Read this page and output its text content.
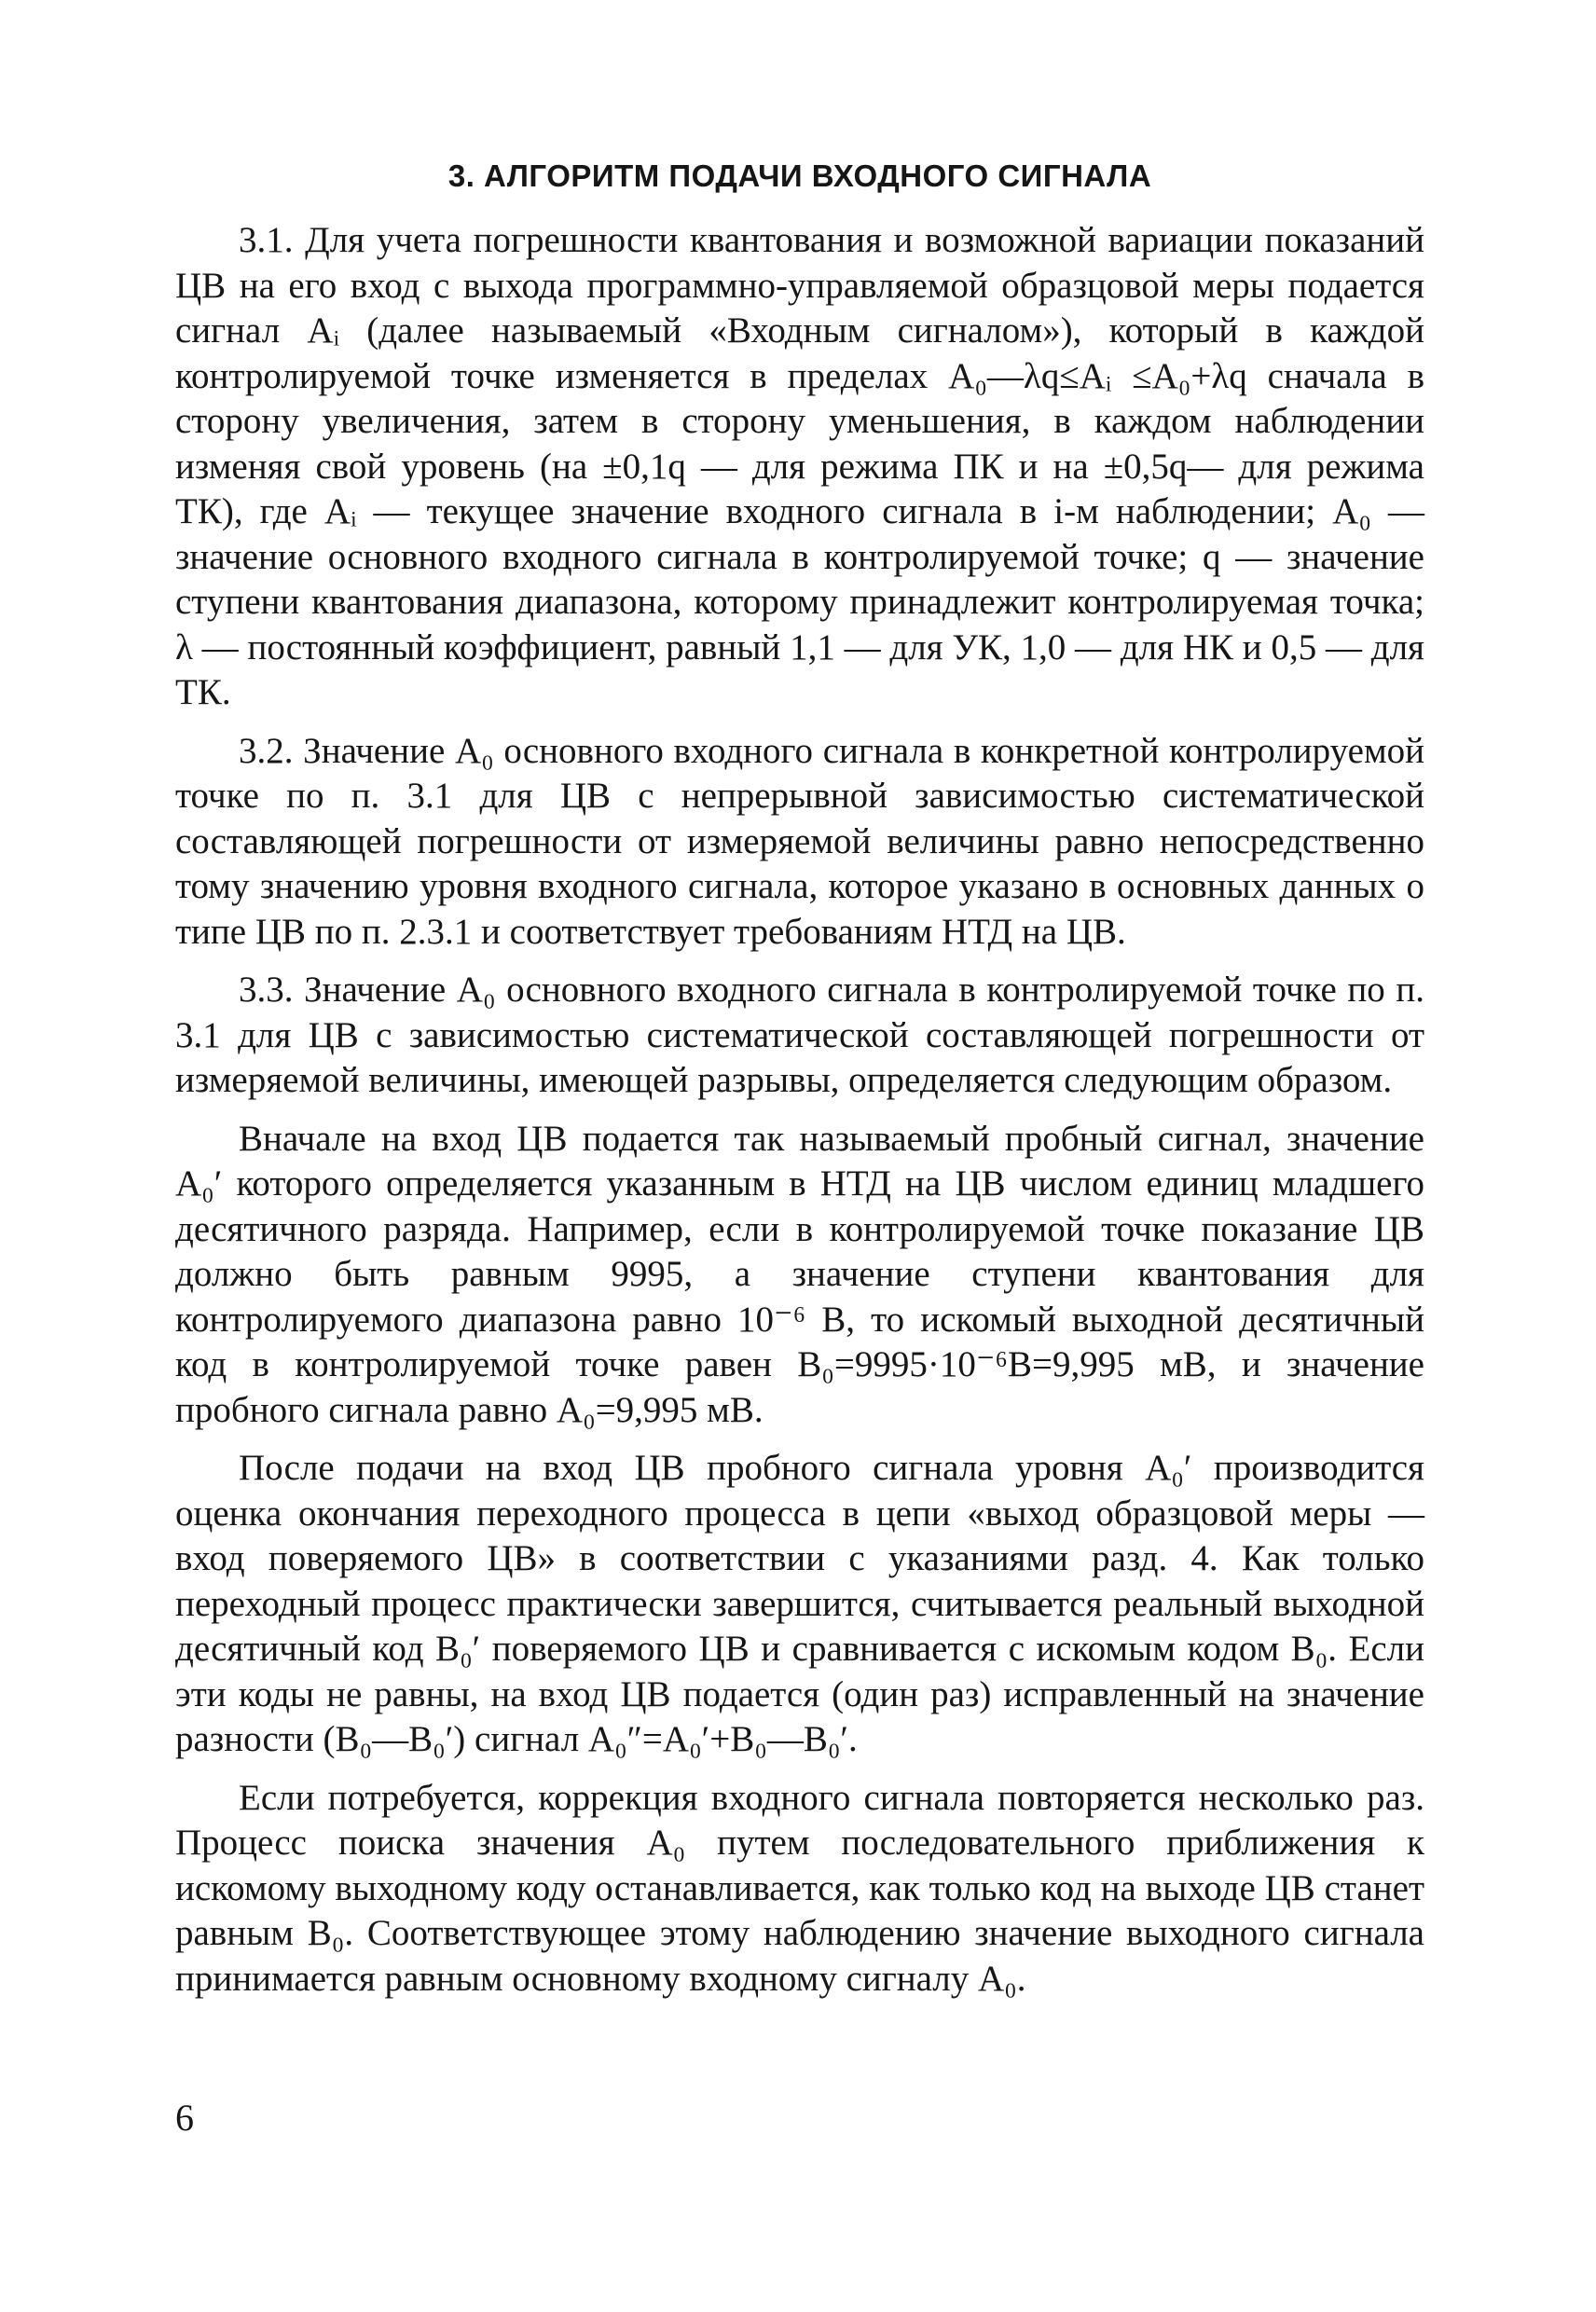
3. АЛГОРИТМ ПОДАЧИ ВХОДНОГО СИГНАЛА

3.1. Для учета погрешности квантования и возможной вариации показаний ЦВ на его вход с выхода программно-управляемой образцовой меры подается сигнал Aᵢ (далее называемый «Входным сигналом»), который в каждой контролируемой точке изменяется в пределах A₀—λq≤Aᵢ ≤A₀+λq сначала в сторону увеличения, затем в сторону уменьшения, в каждом наблюдении изменяя свой уровень (на ±0,1q — для режима ПК и на ±0,5q— для режима ТК), где Aᵢ — текущее значение входного сигнала в i-м наблюдении; A₀ — значение основного входного сигнала в контролируемой точке; q — значение ступени квантования диапазона, которому принадлежит контролируемая точка; λ — постоянный коэффициент, равный 1,1 — для УК, 1,0 — для НК и 0,5 — для ТК.

3.2. Значение A₀ основного входного сигнала в конкретной контролируемой точке по п. 3.1 для ЦВ с непрерывной зависимостью систематической составляющей погрешности от измеряемой величины равно непосредственно тому значению уровня входного сигнала, которое указано в основных данных о типе ЦВ по п. 2.3.1 и соответствует требованиям НТД на ЦВ.

3.3. Значение A₀ основного входного сигнала в контролируемой точке по п. 3.1 для ЦВ с зависимостью систематической составляющей погрешности от измеряемой величины, имеющей разрывы, определяется следующим образом.

Вначале на вход ЦВ подается так называемый пробный сигнал, значение A₀′ которого определяется указанным в НТД на ЦВ числом единиц младшего десятичного разряда. Например, если в контролируемой точке показание ЦВ должно быть равным 9995, а значение ступени квантования для контролируемого диапазона равно 10⁻⁶ В, то искомый выходной десятичный код в контролируемой точке равен B₀=9995·10⁻⁶В=9,995 мВ, и значение пробного сигнала равно A₀=9,995 мВ.

После подачи на вход ЦВ пробного сигнала уровня A₀′ производится оценка окончания переходного процесса в цепи «выход образцовой меры — вход поверяемого ЦВ» в соответствии с указаниями разд. 4. Как только переходный процесс практически завершится, считывается реальный выходной десятичный код B₀′ поверяемого ЦВ и сравнивается с искомым кодом B₀. Если эти коды не равны, на вход ЦВ подается (один раз) исправленный на значение разности (B₀—B₀′) сигнал A₀″=A₀′+B₀—B₀′.

Если потребуется, коррекция входного сигнала повторяется несколько раз. Процесс поиска значения A₀ путем последовательного приближения к искомому выходному коду останавливается, как только код на выходе ЦВ станет равным B₀. Соответствующее этому наблюдению значение выходного сигнала принимается равным основному входному сигналу A₀.

6
